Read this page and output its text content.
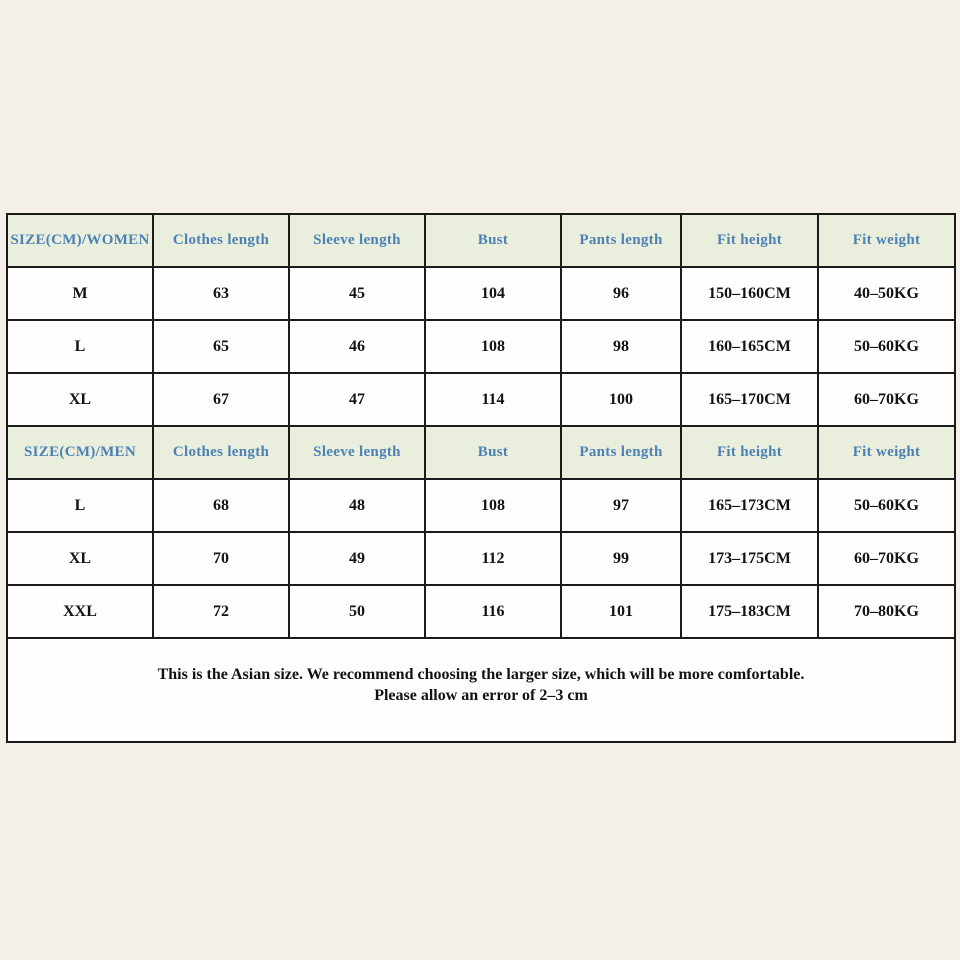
SIZE(CM)/WOMEN	Clothes length	Sleeve length	Bust	Pants length	Fit height	Fit weight
M	63	45	104	96	150–160CM	40–50KG
L	65	46	108	98	160–165CM	50–60KG
XL	67	47	114	100	165–170CM	60–70KG
SIZE(CM)/MEN	Clothes length	Sleeve length	Bust	Pants length	Fit height	Fit weight
L	68	48	108	97	165–173CM	50–60KG
XL	70	49	112	99	173–175CM	60–70KG
XXL	72	50	116	101	175–183CM	70–80KG

This is the Asian size. We recommend choosing the larger size, which will be more comfortable.
Please allow an error of 2–3 cm						
